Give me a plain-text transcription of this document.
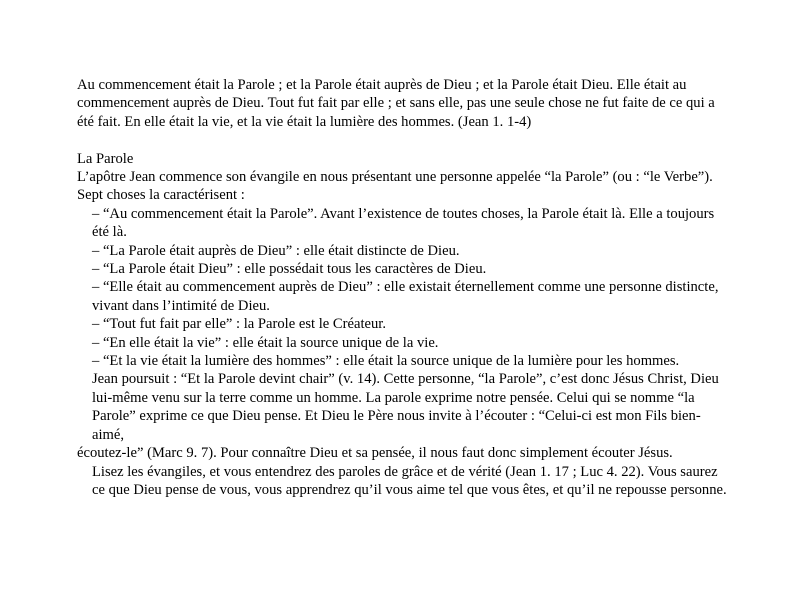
Au commencement était la Parole ; et la Parole était auprès de Dieu ; et la Parole était Dieu. Elle était au commencement auprès de Dieu. Tout fut fait par elle ; et sans elle, pas une seule chose ne fut faite de ce qui a été fait. En elle était la vie, et la vie était la lumière des hommes. (Jean 1. 1-4)

La Parole

L’apôtre Jean commence son évangile en nous présentant une personne appelée “la Parole” (ou : “le Verbe”). Sept choses la caractérisent :

– “Au commencement était la Parole”. Avant l’existence de toutes choses, la Parole était là. Elle a toujours été là.

– “La Parole était auprès de Dieu” : elle était distincte de Dieu.

– “La Parole était Dieu” : elle possédait tous les caractères de Dieu.

– “Elle était au commencement auprès de Dieu” : elle existait éternellement comme une personne distincte, vivant dans l’intimité de Dieu.

– “Tout fut fait par elle” : la Parole est le Créateur.

– “En elle était la vie” : elle était la source unique de la vie.

– “Et la vie était la lumière des hommes” : elle était la source unique de la lumière pour les hommes.

Jean poursuit : “Et la Parole devint chair” (v. 14). Cette personne, “la Parole”, c’est donc Jésus Christ, Dieu lui-même venu sur la terre comme un homme. La parole exprime notre pensée. Celui qui se nomme “la Parole” exprime ce que Dieu pense. Et Dieu le Père nous invite à l’écouter : “Celui-ci est mon Fils bien-aimé,

écoutez-le” (Marc 9. 7). Pour connaître Dieu et sa pensée, il nous faut donc simplement écouter Jésus.

Lisez les évangiles, et vous entendrez des paroles de grâce et de vérité (Jean 1. 17 ; Luc 4. 22). Vous saurez ce que Dieu pense de vous, vous apprendrez qu’il vous aime tel que vous êtes, et qu’il ne repousse personne.
